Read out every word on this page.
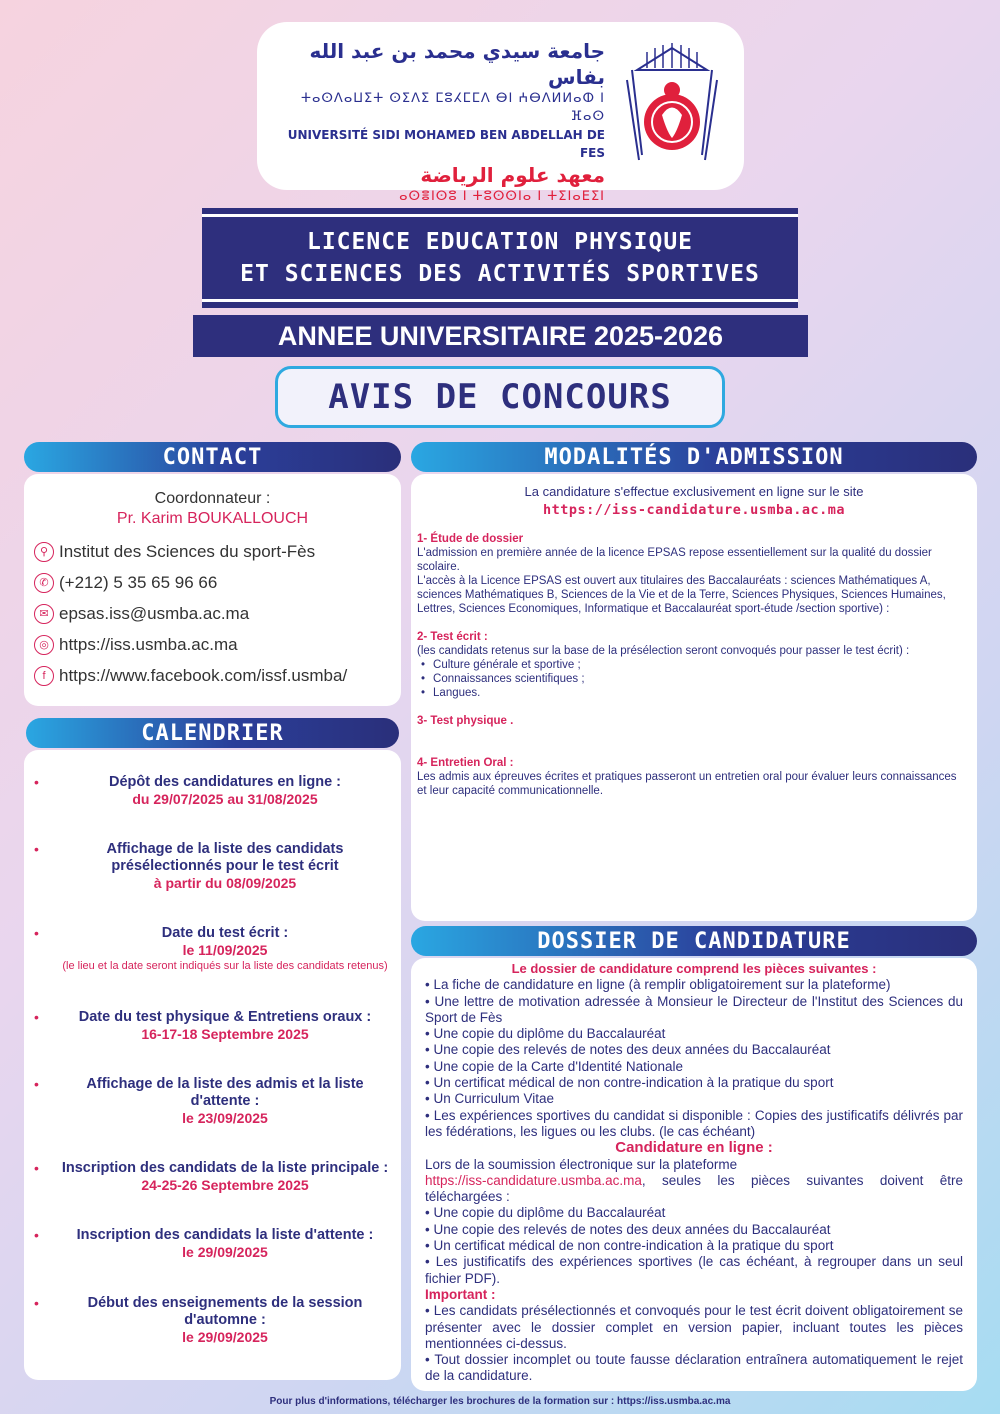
جامعة سيدي محمد بن عبد الله بفاس
ⵜⴰⵙⴷⴰⵡⵉⵜ ⵙⵉⴷⵉ ⵎⵓⵃⵎⵎⴷ ⴱⵏ ⵄⴱⴷⵍⵍⴰⵀ ⵏ ⴼⴰⵙ
UNIVERSITÉ SIDI MOHAMED BEN ABDELLAH DE FES
معهد علوم الرياضة
ⴰⵙⴻⵏⵙⵓ ⵏ ⵜⵓⵙⵙⵏⴰ ⵏ ⵜⵉⵏⴰⴹⵉⵏ
LICENCE EDUCATION PHYSIQUE
ET SCIENCES DES ACTIVITÉS SPORTIVES
ANNEE UNIVERSITAIRE 2025-2026
AVIS DE CONCOURS
CONTACT
Coordonnateur :
Pr. Karim BOUKALLOUCH
⚲ Institut des Sciences du sport-Fès
✆ (+212) 5 35 65 96 66
✉ epsas.iss@usmba.ac.ma
◎ https://iss.usmba.ac.ma
f https://www.facebook.com/issf.usmba/
CALENDRIER
•	Dépôt des candidatures en ligne :
du 29/07/2025 au 31/08/2025
•	Affichage de la liste des candidats présélectionnés pour le test écrit
à partir du 08/09/2025
•	Date du test écrit :
le 11/09/2025
(le lieu et la date seront indiqués sur la liste des candidats retenus)
•	Date du test physique & Entretiens oraux :
16-17-18 Septembre 2025
•	Affichage de la liste des admis et la liste d'attente :
le 23/09/2025
•	Inscription des candidats de la liste principale :
24-25-26 Septembre 2025
•	Inscription des candidats la liste d'attente :
le 29/09/2025
•	Début des enseignements de la session d'automne :
le 29/09/2025
MODALITÉS D'ADMISSION
La candidature s'effectue exclusivement en ligne sur le site
https://iss-candidature.usmba.ac.ma
1- Étude de dossier
L'admission en première année de la licence EPSAS repose essentiellement sur la qualité du dossier scolaire.
L'accès à la Licence EPSAS est ouvert aux titulaires des Baccalauréats : sciences Mathématiques A, sciences Mathématiques B, Sciences de la Vie et de la Terre, Sciences Physiques, Sciences Humaines, Lettres, Sciences Economiques, Informatique et Baccalauréat sport-étude /section sportive) :
2- Test écrit :
(les candidats retenus sur la base de la présélection seront convoqués pour passer le test écrit) :
• Culture générale et sportive ;
• Connaissances scientifiques ;
• Langues.
3- Test physique .
4- Entretien Oral :
Les admis aux épreuves écrites et pratiques passeront un entretien oral pour évaluer leurs connaissances et leur capacité communicationnelle.
DOSSIER DE CANDIDATURE
Le dossier de candidature comprend les pièces suivantes :
• La fiche de candidature en ligne (à remplir obligatoirement sur la plateforme)
• Une lettre de motivation adressée à Monsieur le Directeur de l'Institut des Sciences du Sport de Fès
• Une copie du diplôme du Baccalauréat
• Une copie des relevés de notes des deux années du Baccalauréat
• Une copie de la Carte d'Identité Nationale
• Un certificat médical de non contre-indication à la pratique du sport
• Un Curriculum Vitae
• Les expériences sportives du candidat si disponible : Copies des justificatifs délivrés par les fédérations, les ligues ou les clubs. (le cas échéant)
Candidature en ligne :
Lors de la soumission électronique sur la plateforme
https://iss-candidature.usmba.ac.ma, seules les pièces suivantes doivent être téléchargées :
• Une copie du diplôme du Baccalauréat
• Une copie des relevés de notes des deux années du Baccalauréat
• Un certificat médical de non contre-indication à la pratique du sport
• Les justificatifs des expériences sportives (le cas échéant, à regrouper dans un seul fichier PDF).
Important :
• Les candidats présélectionnés et convoqués pour le test écrit doivent obligatoirement se présenter avec le dossier complet en version papier, incluant toutes les pièces mentionnées ci-dessus.
• Tout dossier incomplet ou toute fausse déclaration entraînera automatiquement le rejet de la candidature.
Pour plus d'informations, télécharger les brochures de la formation sur : https://iss.usmba.ac.ma
